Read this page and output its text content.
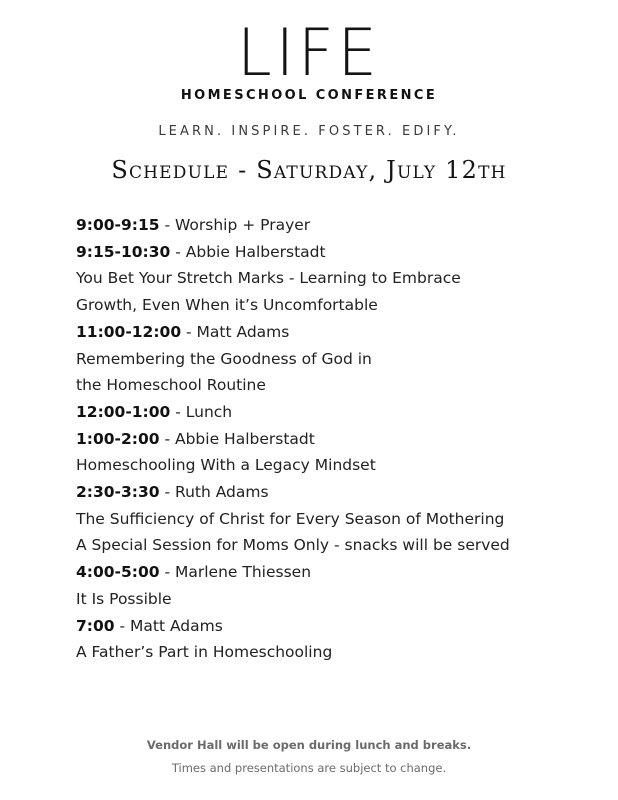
LIFE
HOMESCHOOL CONFERENCE
LEARN. INSPIRE. FOSTER. EDIFY.
Schedule - Saturday, July 12th
9:00-9:15 - Worship + Prayer
9:15-10:30 - Abbie Halberstadt
You Bet Your Stretch Marks - Learning to Embrace
Growth, Even When it’s Uncomfortable
11:00-12:00 - Matt Adams
Remembering the Goodness of God in
the Homeschool Routine
12:00-1:00 - Lunch
1:00-2:00 - Abbie Halberstadt
Homeschooling With a Legacy Mindset
2:30-3:30 - Ruth Adams
The Sufficiency of Christ for Every Season of Mothering
A Special Session for Moms Only - snacks will be served
4:00-5:00 - Marlene Thiessen
It Is Possible
7:00 - Matt Adams
A Father’s Part in Homeschooling
Vendor Hall will be open during lunch and breaks.
Times and presentations are subject to change.
